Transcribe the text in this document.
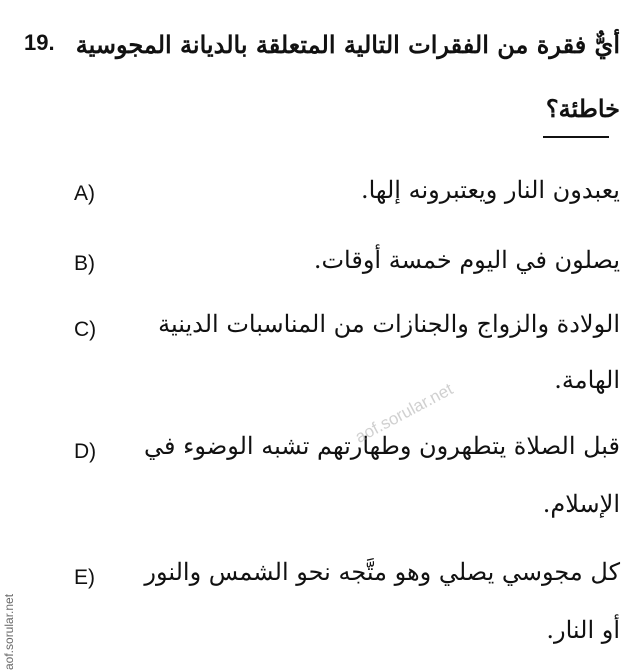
19. أيٌّ فقرة من الفقرات التالية المتعلقة بالديانة المجوسية
خاطئة؟
A)	يعبدون النار ويعتبرونه إلها.
B)	يصلون في اليوم خمسة أوقات.
C)	الولادة والزواج والجنازات من المناسبات الدينية
الهامة.
D) قبل الصلاة يتطهرون وطهارتهم تشبه الوضوء في
الإسلام.
E) كل مجوسي يصلي وهو متَّجه نحو الشمس والنور
أو النار.
aof.sorular.net
aof.sorular.net
